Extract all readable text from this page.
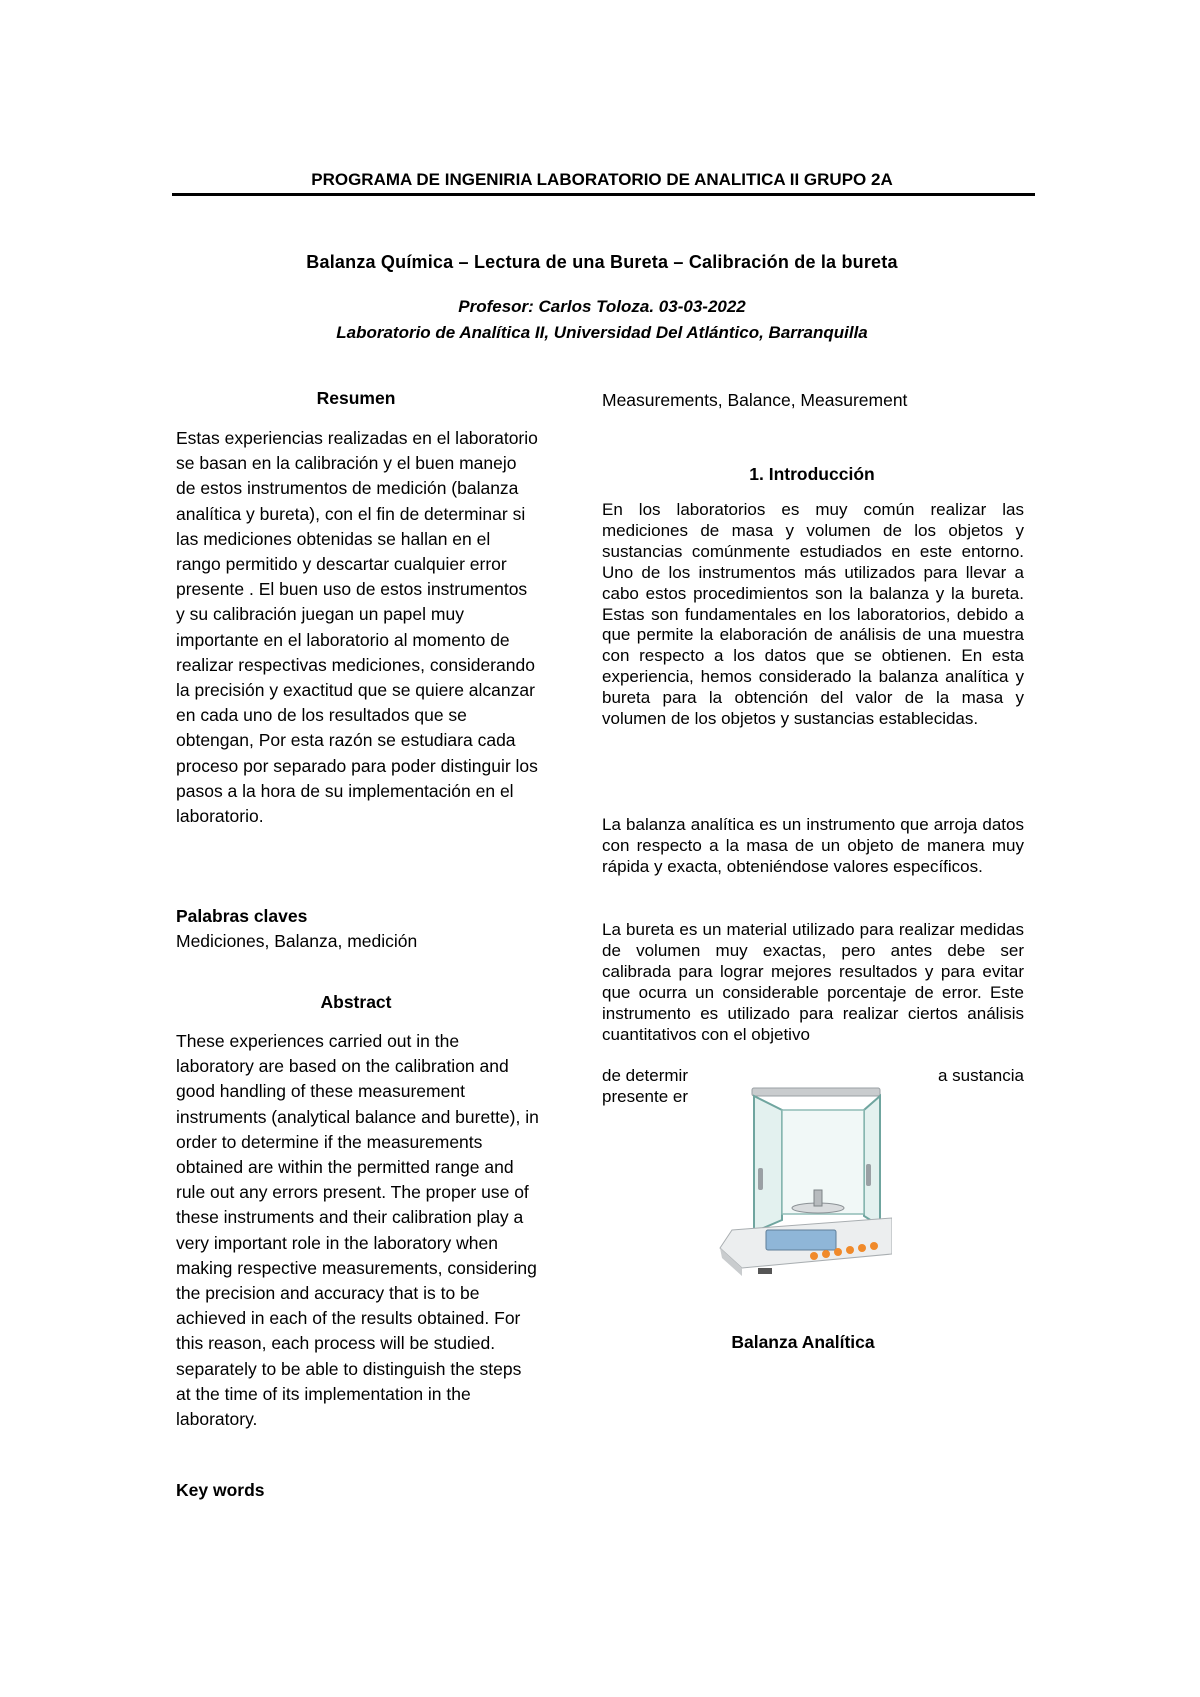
PROGRAMA DE INGENIRIA LABORATORIO DE ANALITICA II GRUPO 2A
Balanza Química – Lectura de una Bureta – Calibración de la bureta
Profesor: Carlos Toloza. 03-03-2022
Laboratorio de Analítica II, Universidad Del Atlántico, Barranquilla
Resumen
Estas experiencias realizadas en el laboratorio se basan en la calibración y el buen manejo de estos instrumentos de medición (balanza analítica y bureta), con el fin de determinar si las mediciones obtenidas se hallan en el rango permitido y descartar cualquier error presente . El buen uso de estos instrumentos y su calibración juegan un papel muy importante en el laboratorio al momento de realizar respectivas mediciones, considerando la precisión y exactitud que se quiere alcanzar en cada uno de los resultados que se obtengan, Por esta razón se estudiara cada proceso por separado para poder distinguir los pasos a la hora de su implementación en el laboratorio.
Palabras claves
Mediciones, Balanza, medición
Abstract
These experiences carried out in the laboratory are based on the calibration and good handling of these measurement instruments (analytical balance and burette), in order to determine if the measurements obtained are within the permitted range and rule out any errors present. The proper use of these instruments and their calibration play a very important role in the laboratory when making respective measurements, considering the precision and accuracy that is to be achieved in each of the results obtained. For this reason, each process will be studied. separately to be able to distinguish the steps at the time of its implementation in the laboratory.
Key words
Measurements, Balance, Measurement
1. Introducción
En los laboratorios es muy común realizar las mediciones de masa y volumen de los objetos y sustancias comúnmente estudiados en este entorno. Uno de los instrumentos más utilizados para llevar a cabo estos procedimientos son la balanza y la bureta. Estas son fundamentales en los laboratorios, debido a que permite la elaboración de análisis de una muestra con respecto a los datos que se obtienen. En esta experiencia, hemos considerado la balanza analítica y bureta para la obtención del valor de la masa y volumen de los objetos y sustancias establecidas.
La balanza analítica es un instrumento que arroja datos con respecto a la masa de un objeto de manera muy rápida y exacta, obteniéndose valores específicos.
La bureta es un material utilizado para realizar medidas de volumen muy exactas, pero antes debe ser calibrada para lograr mejores resultados y para evitar que ocurra un considerable porcentaje de error. Este instrumento es utilizado para realizar ciertos análisis cuantitativos con el objetivo
de determir	a sustancia
presente er
Balanza Analítica
